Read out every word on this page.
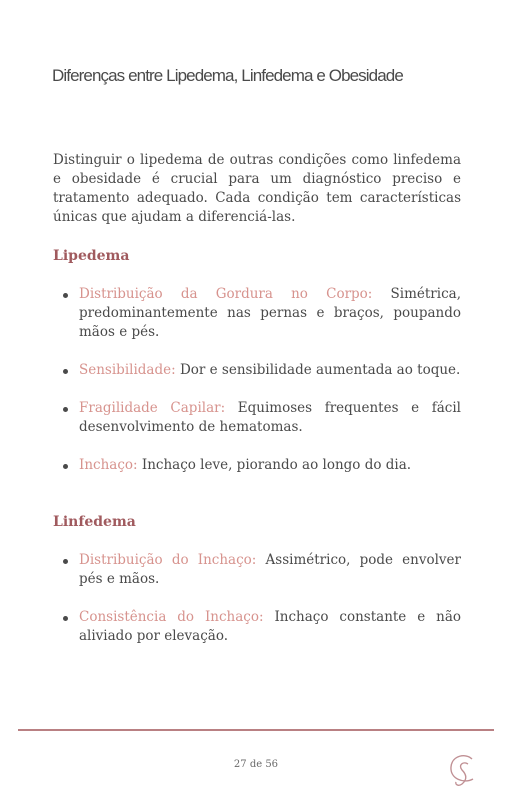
Diferenças entre Lipedema, Linfedema e Obesidade

Distinguir o lipedema de outras condições como linfedema e obesidade é crucial para um diagnóstico preciso e tratamento adequado. Cada condição tem características únicas que ajudam a diferenciá-las.

Lipedema
Distribuição da Gordura no Corpo: Simétrica, predominantemente nas pernas e braços, poupando mãos e pés.
Sensibilidade: Dor e sensibilidade aumentada ao toque.
Fragilidade Capilar: Equimoses frequentes e fácil desenvolvimento de hematomas.
Inchaço: Inchaço leve, piorando ao longo do dia.
Linfedema
Distribuição do Inchaço: Assimétrico, pode envolver pés e mãos.
Consistência do Inchaço: Inchaço constante e não aliviado por elevação.
27 de 56
